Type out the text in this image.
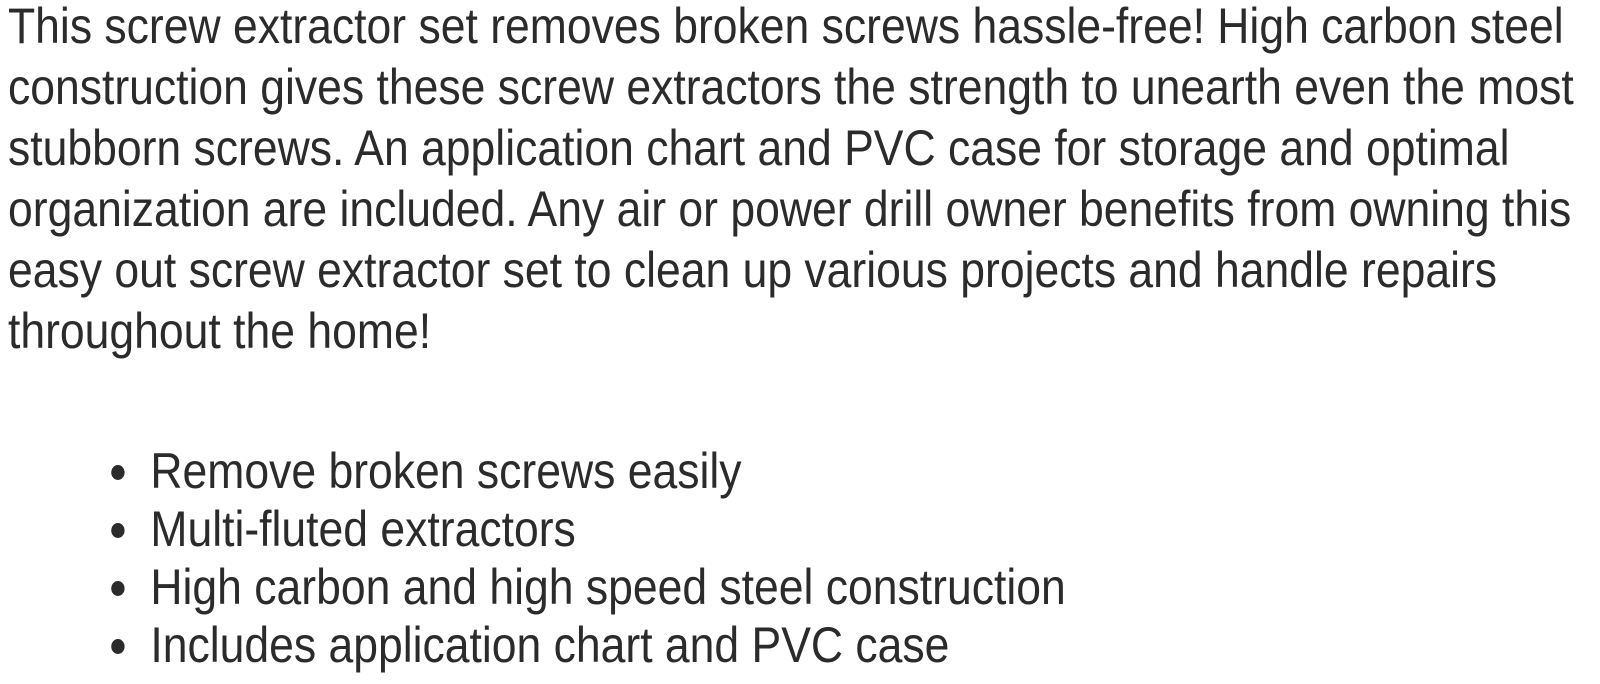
This screw extractor set removes broken screws hassle-free! High carbon steel
construction gives these screw extractors the strength to unearth even the most
stubborn screws. An application chart and PVC case for storage and optimal
organization are included. Any air or power drill owner benefits from owning this
easy out screw extractor set to clean up various projects and handle repairs
throughout the home!
Remove broken screws easily
Multi-fluted extractors
High carbon and high speed steel construction
Includes application chart and PVC case
